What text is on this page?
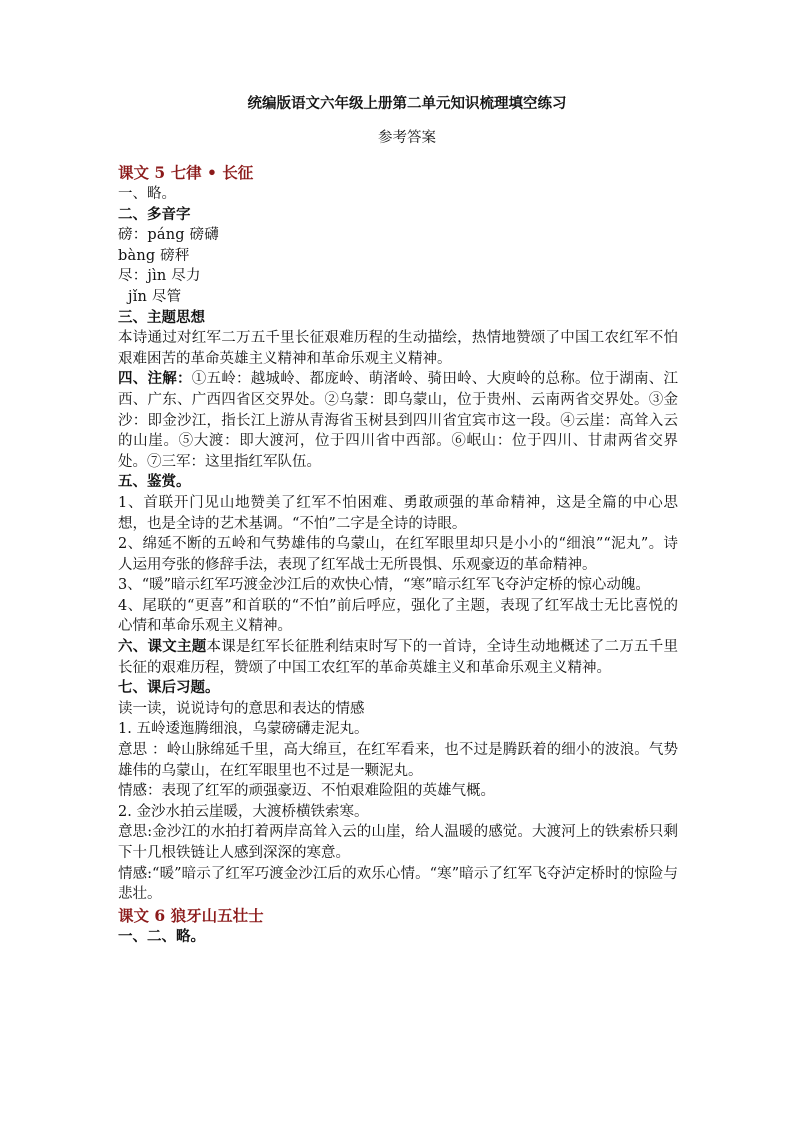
统编版语文六年级上册第二单元知识梳理填空练习
参考答案
课文 5 七律 • 长征
一、略。
二、多音字
磅：páng 磅礴
bàng 磅秤
尽：jìn 尽力
jǐn 尽管
三、主题思想
本诗通过对红军二万五千里长征艰难历程的生动描绘，热情地赞颂了中国工农红军不怕艰难困苦的革命英雄主义精神和革命乐观主义精神。
四、注解：①五岭：越城岭、都庞岭、萌渚岭、骑田岭、大庾岭的总称。位于湖南、江西、广东、广西四省区交界处。②乌蒙：即乌蒙山，位于贵州、云南两省交界处。③金沙：即金沙江，指长江上游从青海省玉树县到四川省宜宾市这一段。④云崖：高耸入云的山崖。⑤大渡：即大渡河，位于四川省中西部。⑥岷山：位于四川、甘肃两省交界处。⑦三军：这里指红军队伍。
五、鉴赏。
1、首联开门见山地赞美了红军不怕困难、勇敢顽强的革命精神，这是全篇的中心思想，也是全诗的艺术基调。“不怕”二字是全诗的诗眼。
2、绵延不断的五岭和气势雄伟的乌蒙山，在红军眼里却只是小小的“细浪”“泥丸”。诗人运用夸张的修辞手法，表现了红军战士无所畏惧、乐观豪迈的革命精神。
3、“暖”暗示红军巧渡金沙江后的欢快心情，“寒”暗示红军飞夺泸定桥的惊心动魄。
4、尾联的“更喜”和首联的“不怕”前后呼应，强化了主题，表现了红军战士无比喜悦的心情和革命乐观主义精神。
六、课文主题本课是红军长征胜利结束时写下的一首诗，全诗生动地概述了二万五千里长征的艰难历程，赞颂了中国工农红军的革命英雄主义和革命乐观主义精神。
七、课后习题。
读一读，说说诗句的意思和表达的情感
1. 五岭逶迤腾细浪，乌蒙磅礴走泥丸。
意思 ：岭山脉绵延千里，高大绵亘，在红军看来，也不过是腾跃着的细小的波浪。气势雄伟的乌蒙山，在红军眼里也不过是一颗泥丸。
情感：表现了红军的顽强豪迈、不怕艰难险阻的英雄气概。
2. 金沙水拍云崖暖，大渡桥横铁索寒。
意思:金沙江的水拍打着两岸高耸入云的山崖，给人温暖的感觉。大渡河上的铁索桥只剩下十几根铁链让人感到深深的寒意。
情感:“暖”暗示了红军巧渡金沙江后的欢乐心情。“寒”暗示了红军飞夺泸定桥时的惊险与悲壮。
课文 6 狼牙山五壮士
一、二、略。
